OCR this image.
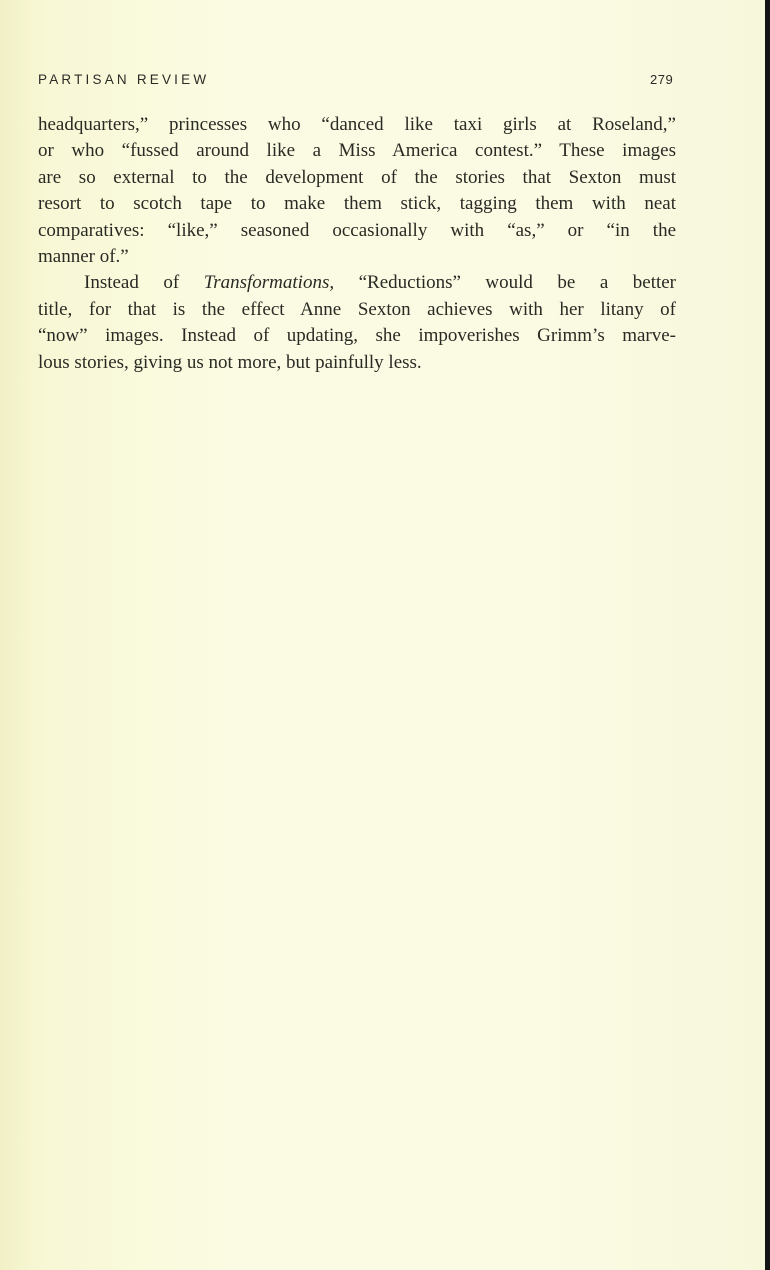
PARTISAN REVIEW	279
headquarters,” princesses who “danced like taxi girls at Roseland,”
or who “fussed around like a Miss America contest.” These images
are so external to the development of the stories that Sexton must
resort to scotch tape to make them stick, tagging them with neat
comparatives: “like,” seasoned occasionally with “as,” or “in the
manner of.”
Instead of Transformations, “Reductions” would be a better
title, for that is the effect Anne Sexton achieves with her litany of
“now” images. Instead of updating, she impoverishes Grimm’s marve-
lous stories, giving us not more, but painfully less.
